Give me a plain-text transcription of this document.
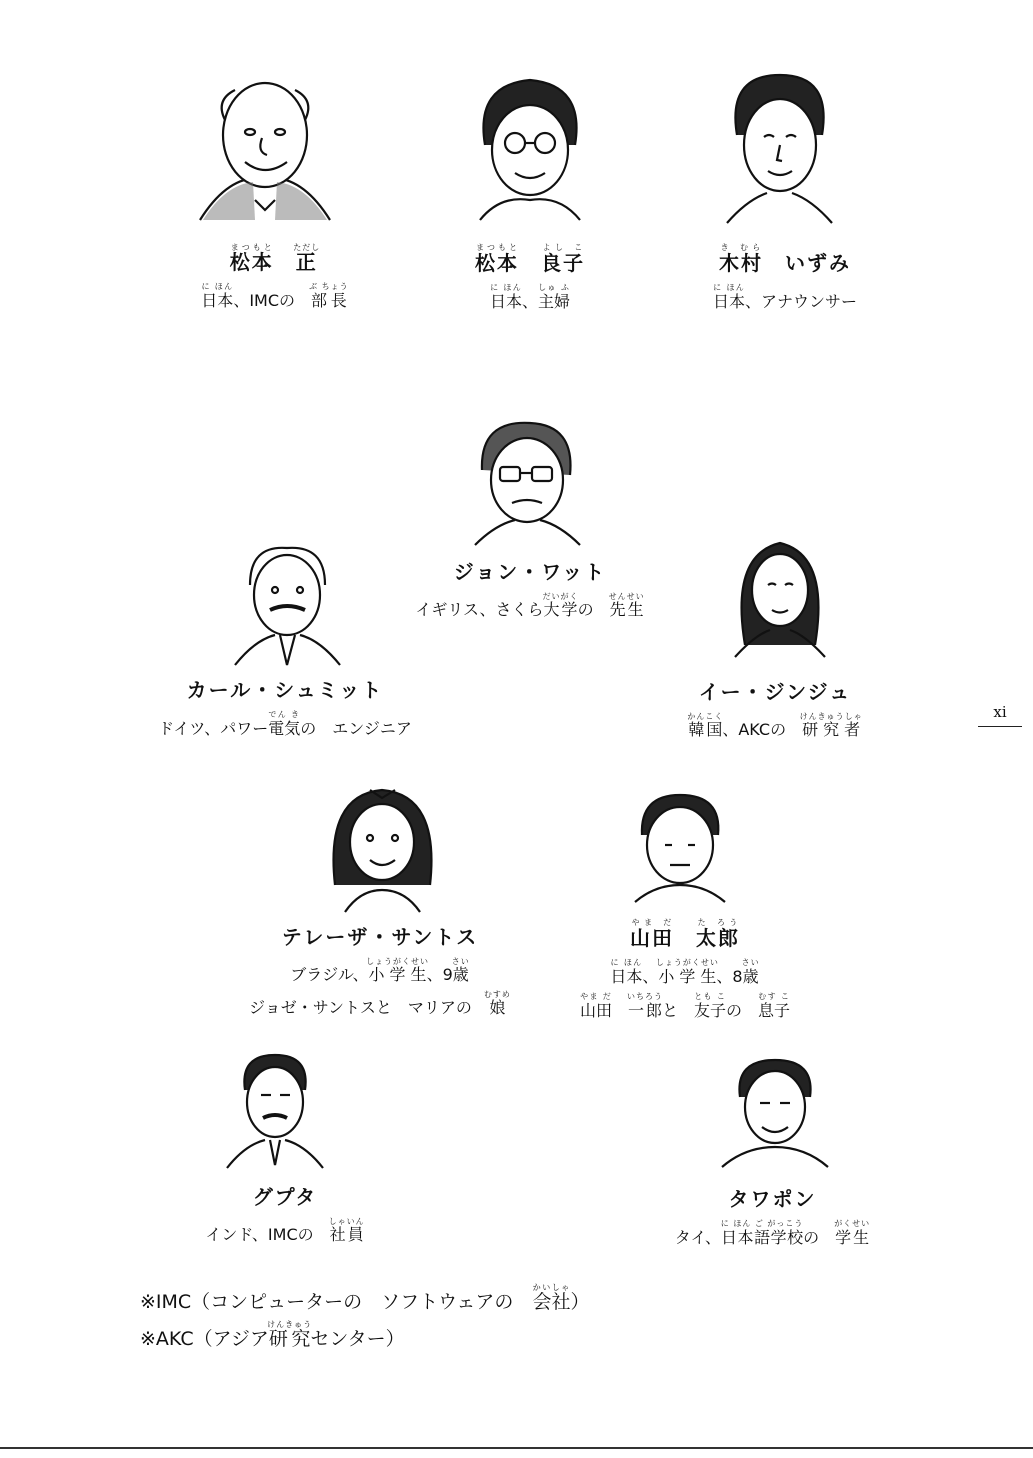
松本まつもと　正ただし
日本に ほん、IMCの　部長ぶ ちょう
松本まつもと　良子よし こ
日本に ほん、主婦しゅ ふ
木村き むら　いずみ
日本に ほん、アナウンサー
ジョン・ワット
イギリス、さくら大学だいがくの　先生せんせい
カール・シュミット
ドイツ、パワー電気でん きの　エンジニア
イー・ジンジュ
韓国かんこく、AKCの　研究者けんきゅうしゃ
テレーザ・サントス
ブラジル、小学生しょうがくせい、9歳さい
ジョゼ・サントスと　マリアの　娘むすめ
山田やま だ　太郎た ろう
日本に ほん、小学生しょうがくせい、8歳さい
山田やま だ　一郎いちろうと　友子とも この　息子むす こ
グプタ
インド、IMCの　社員しゃいん
タワポン
タイ、日本語学校に ほん ご がっこうの　学生がくせい
※IMC（コンピューターの　ソフトウェアの　会社かいしゃ）
※AKC（アジア研究けんきゅうセンター）
xi
